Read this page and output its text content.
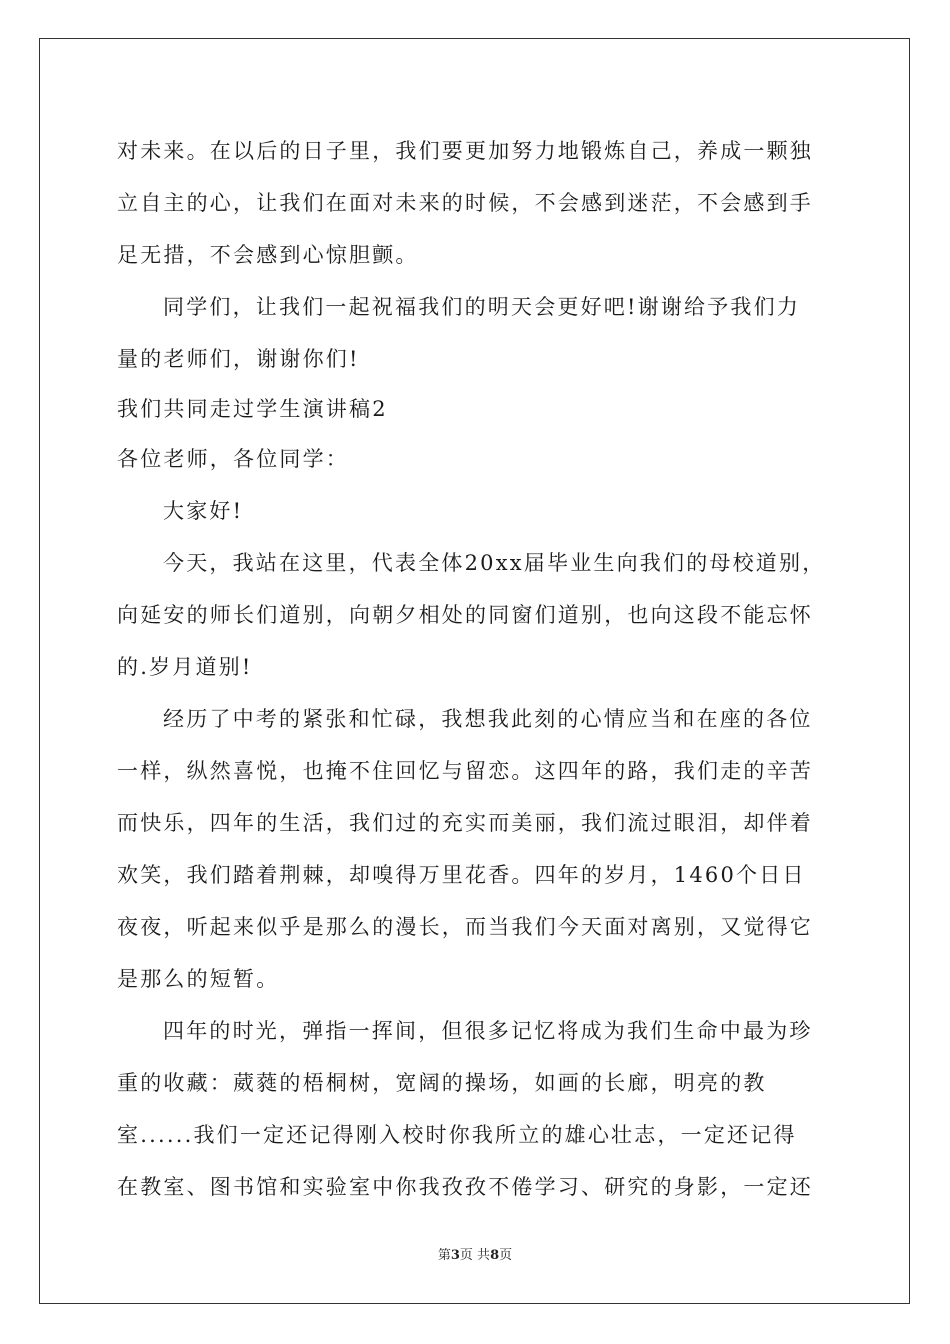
对未来。在以后的日子里，我们要更加努力地锻炼自己，养成一颗独
立自主的心，让我们在面对未来的时候，不会感到迷茫，不会感到手
足无措，不会感到心惊胆颤。
同学们，让我们一起祝福我们的明天会更好吧!谢谢给予我们力
量的老师们，谢谢你们!
我们共同走过学生演讲稿2
各位老师，各位同学：
大家好!
今天，我站在这里，代表全体20xx届毕业生向我们的母校道别，
向延安的师长们道别，向朝夕相处的同窗们道别，也向这段不能忘怀
的.岁月道别!
经历了中考的紧张和忙碌，我想我此刻的心情应当和在座的各位
一样，纵然喜悦，也掩不住回忆与留恋。这四年的路，我们走的辛苦
而快乐，四年的生活，我们过的充实而美丽，我们流过眼泪，却伴着
欢笑，我们踏着荆棘，却嗅得万里花香。四年的岁月，1460个日日
夜夜，听起来似乎是那么的漫长，而当我们今天面对离别，又觉得它
是那么的短暂。
四年的时光，弹指一挥间，但很多记忆将成为我们生命中最为珍
重的收藏：葳蕤的梧桐树，宽阔的操场，如画的长廊，明亮的教
室......我们一定还记得刚入校时你我所立的雄心壮志，一定还记得
在教室、图书馆和实验室中你我孜孜不倦学习、研究的身影，一定还
第3页 共8页
